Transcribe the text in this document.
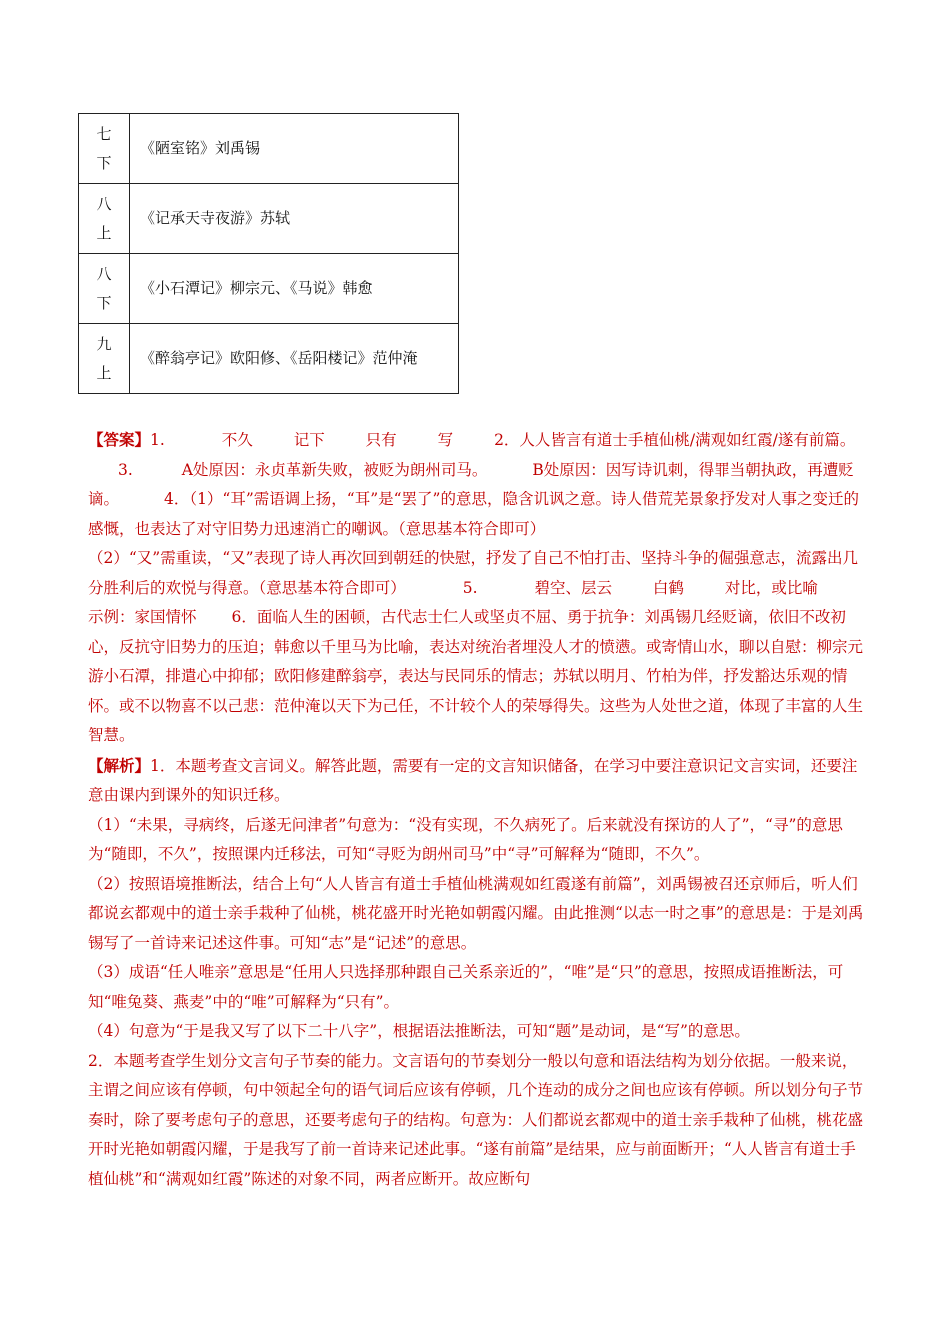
七下	《陋室铭》刘禹锡

八上	《记承天寺夜游》苏轼

八下	《小石潭记》柳宗元、《马说》韩愈

九上	《醉翁亭记》欧阳修、《岳阳楼记》范仲淹

【答案】1.	不久	记下	只有	写	2．人人皆言有道士手植仙桃/满观如红霞/遂有前篇。 3.	A处原因：永贞革新失败，被贬为朗州司马。	B处原因：因写诗讥刺，得罪当朝执政，再遭贬谪。	4．（1）“耳”需语调上扬，“耳”是“罢了”的意思，隐含讥讽之意。诗人借荒芜景象抒发对人事之变迁的感慨，也表达了对守旧势力迅速消亡的嘲讽。（意思基本符合即可）

（2）“又”需重读，“又”表现了诗人再次回到朝廷的快慰，抒发了自己不怕打击、坚持斗争的倔强意志，流露出几分胜利后的欢悦与得意。（意思基本符合即可）	5.	碧空、层云	白鹤	对比，或比喻 示例：家国情怀 6．面临人生的困顿，古代志士仁人或坚贞不屈、勇于抗争：刘禹锡几经贬谪，依旧不改初心，反抗守旧势力的压迫；韩愈以千里马为比喻，表达对统治者埋没人才的愤懑。或寄情山水，聊以自慰：柳宗元游小石潭，排遣心中抑郁；欧阳修建醉翁亭，表达与民同乐的情志；苏轼以明月、竹柏为伴，抒发豁达乐观的情怀。或不以物喜不以己悲：范仲淹以天下为己任，不计较个人的荣辱得失。这些为人处世之道，体现了丰富的人生智慧。

【解析】1．本题考查文言词义。解答此题，需要有一定的文言知识储备，在学习中要注意识记文言实词，还要注意由课内到课外的知识迁移。

（1）“未果，寻病终，后遂无问津者”句意为：“没有实现，不久病死了。后来就没有探访的人了”，“寻”的意思为“随即，不久”，按照课内迁移法，可知“寻贬为朗州司马”中“寻”可解释为“随即，不久”。

（2）按照语境推断法，结合上句“人人皆言有道士手植仙桃满观如红霞遂有前篇”，刘禹锡被召还京师后，听人们都说玄都观中的道士亲手栽种了仙桃，桃花盛开时光艳如朝霞闪耀。由此推测“以志一时之事”的意思是：于是刘禹锡写了一首诗来记述这件事。可知“志”是“记述”的意思。

（3）成语“任人唯亲”意思是“任用人只选择那种跟自己关系亲近的”，“唯”是“只”的意思，按照成语推断法，可知“唯兔葵、燕麦”中的“唯”可解释为“只有”。

（4）句意为“于是我又写了以下二十八字”，根据语法推断法，可知“题”是动词，是“写”的意思。

2．本题考查学生划分文言句子节奏的能力。文言语句的节奏划分一般以句意和语法结构为划分依据。一般来说，主谓之间应该有停顿，句中领起全句的语气词后应该有停顿，几个连动的成分之间也应该有停顿。所以划分句子节奏时，除了要考虑句子的意思，还要考虑句子的结构。句意为：人们都说玄都观中的道士亲手栽种了仙桃，桃花盛开时光艳如朝霞闪耀，于是我写了前一首诗来记述此事。“遂有前篇”是结果，应与前面断开；“人人皆言有道士手植仙桃”和“满观如红霞”陈述的对象不同，两者应断开。故应断句
